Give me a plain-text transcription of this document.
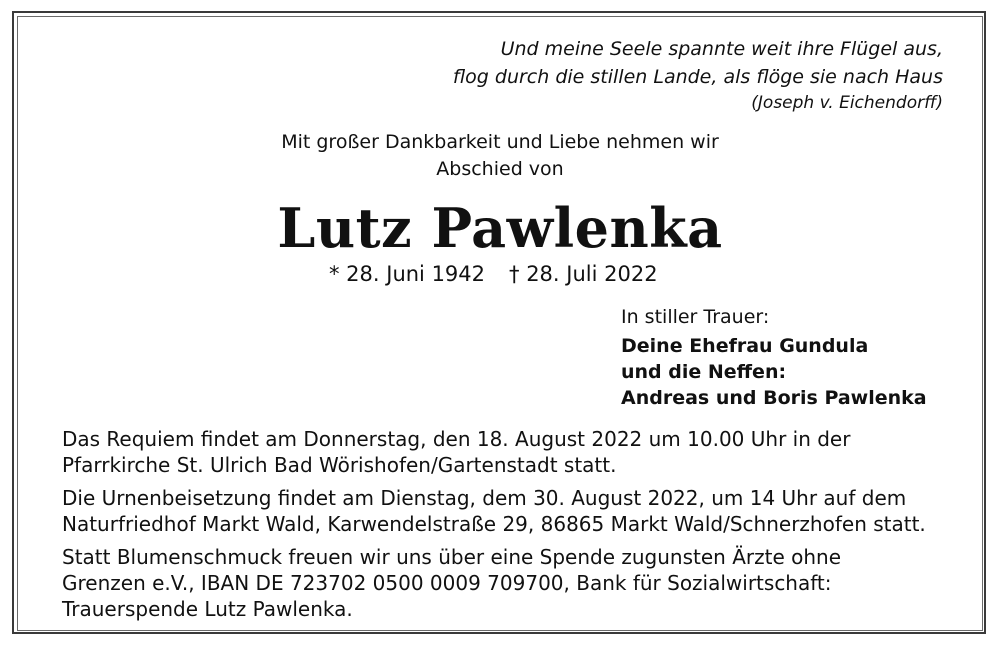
Und meine Seele spannte weit ihre Flügel aus,
flog durch die stillen Lande, als flöge sie nach Haus
(Joseph v. Eichendorff)
Mit großer Dankbarkeit und Liebe nehmen wir
Abschied von
Lutz Pawlenka
* 28. Juni 1942 † 28. Juli 2022
In stiller Trauer:
Deine Ehefrau Gundula
und die Neffen:
Andreas und Boris Pawlenka
Das Requiem findet am Donnerstag, den 18. August 2022 um 10.00 Uhr in der
Pfarrkirche St. Ulrich Bad Wörishofen/Gartenstadt statt.
Die Urnenbeisetzung findet am Dienstag, dem 30. August 2022, um 14 Uhr auf dem
Naturfriedhof Markt Wald, Karwendelstraße 29, 86865 Markt Wald/Schnerzhofen statt.
Statt Blumenschmuck freuen wir uns über eine Spende zugunsten Ärzte ohne
Grenzen e.V., IBAN DE 723702 0500 0009 709700, Bank für Sozialwirtschaft:
Trauerspende Lutz Pawlenka.
